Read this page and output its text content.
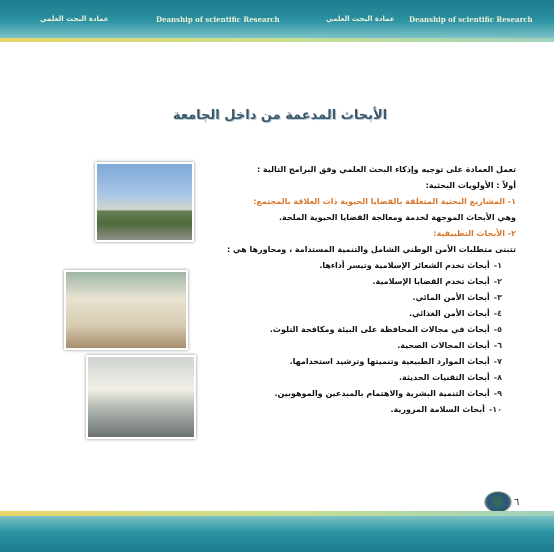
عمادة البحث العلمي	Deanship of scientific Research	عمادة البحث العلمي Deanship of scientific Research
الأبحاث المدعمة من داخل الجامعة
تعمل العمادة على توجيه وإذكاء البحث العلمي وفق البرامج التالية :
أولاً : الأولويات البحثية:
١- المشاريع البحثية المتعلقة بالقضايا الحيوية ذات العلاقة بالمجتمع:
وهي الأبحاث الموجهة لخدمة ومعالجة القضايا الحيوية الملحة.
٢- الأبحاث التطبيقية:
تتبنى متطلبات الأمن الوطني الشامل والتنمية المستدامة ، ومحاورها هي :
١-أبحاث تخدم الشعائر الإسلامية وتيسر أداءها.
٢-أبحاث تخدم القضايا الإسلامية.
٣-أبحاث الأمن المائي.
٤-أبحاث الأمن الغذائي.
٥-أبحاث في مجالات المحافظة على البيئة ومكافحة التلوث.
٦-أبحاث المجالات الصحية.
٧-أبحاث الموارد الطبيعية وتنميتها وترشيد استخدامها.
٨-أبحاث التقنيات الحديثة.
٩-أبحاث التنمية البشرية والاهتمام بالمبدعين والموهوبين.
١٠-أبحاث السلامة المرورية.
٦
